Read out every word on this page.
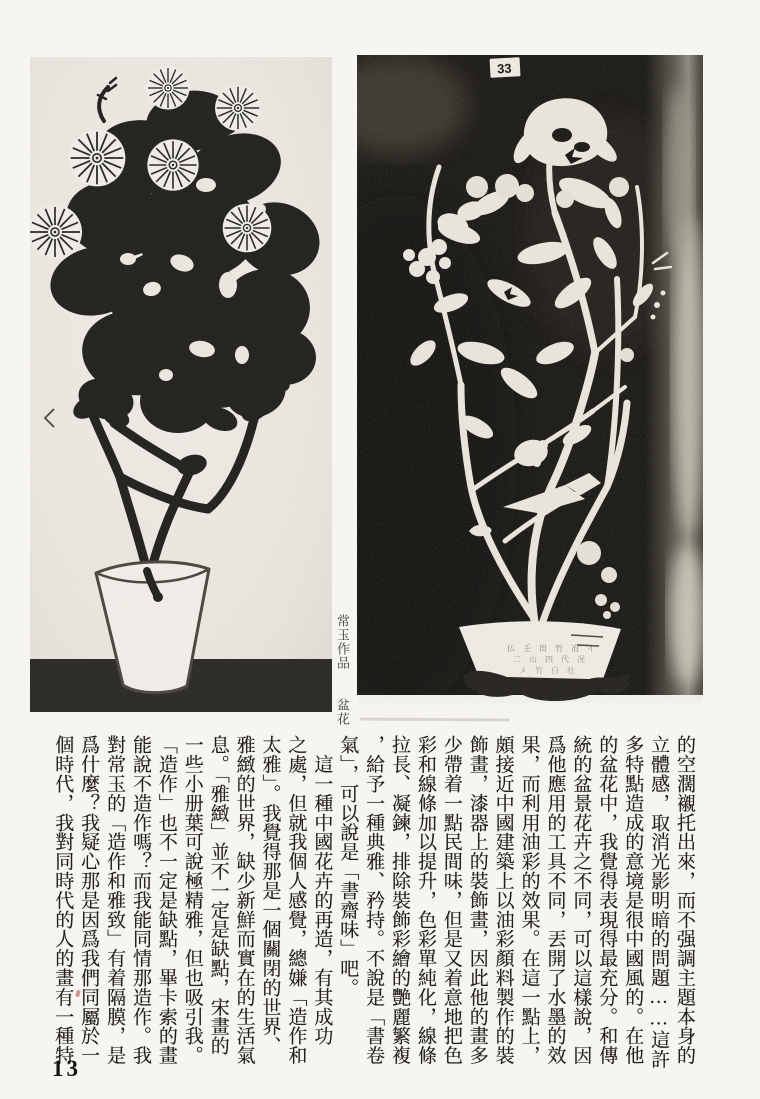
仏 壬 田 竹 冶 イ
二 山 四 代 况
メ 竹 白 壮
33
常玉作品　　盆花
的空濶襯托出來，而不强調主題本身的
立體感，取消光影明暗的問題……這許
多特點造成的意境是很中國風的。在他
的盆花中，我覺得表現得最充分。和傳
統的盆景花卉之不同，可以這樣說，因
爲他應用的工具不同，丟開了水墨的效
果，而利用油彩的效果。在這一點上，
頗接近中國建築上以油彩顏料製作的裝
飾畫，漆器上的裝飾畫，因此他的畫多
少帶着一點民間味，但是又着意地把色
彩和線條加以提升，色彩單純化，線條
拉長、凝鍊，排除裝飾彩繪的艷麗繁複
，給予一種典雅、矜持。不說是「書卷
氣」，可以說是「書齋味」吧。
　這一種中國花卉的再造，有其成功
之處，但就我個人感覺，總嫌「造作和
太雅」。我覺得那是一個關閉的世界、
雅緻的世界，缺少新鮮而實在的生活氣
息。「雅緻」並不一定是缺點，宋畫的
一些小册葉可說極精雅，但也吸引我。
「造作」也不一定是缺點，畢卡索的畫
能說不造作嗎？而我能同情那造作。我
對常玉的「造作和雅致」有着隔膜，是
爲什麼？我疑心那是因爲我們同屬於一
個時代，我對同時代的人的畫有一種特
13
